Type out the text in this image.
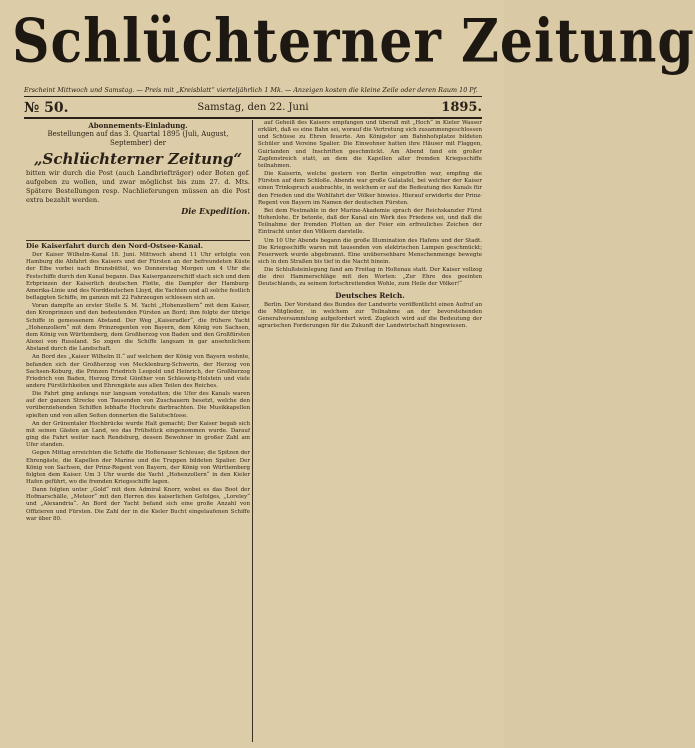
Schlüchterner Zeitung
Erscheint Mittwoch und Samstag. — Preis mit „Kreisblatt“ vierteljährlich 1 Mk. — Anzeigen kosten die kleine Zeile oder deren Raum 10 Pf.
№ 50.	Samstag, den 22. Juni	1895.
Abonnements-Einladung.
Bestellungen auf das 3. Quartal 1895 (Juli, August, September) der
„Schlüchterner Zeitung“
bitten wir durch die Post (auch Landbriefträger) oder Boten gef. aufgeben zu wollen, und zwar möglichst bis zum 27. d. Mts. Spätere Bestellungen resp. Nachlieferungen müssen an die Post extra bezahlt werden.
Die Expedition.
Die Kaiserfahrt durch den Nord-Ostsee-Kanal.

Der Kaiser Wilhelm-Kanal 18. Juni. Mittwoch abend 11 Uhr erfolgte von Hamburg die Abfahrt des Kaisers und der Fürsten an der befreundeten Küste der Elbe vorbei nach Brunsbüttel, wo Donnerstag Morgen um 4 Uhr die Festschiffe durch den Kanal begann. Das Kaiserpanzerschiff stach sich und dem Erbprinzen der Kaiserlich deutschen Flotte, die Dampfer der Hamburg-Amerika-Linie und des Norddeutschen Lloyd, die Yachten und all solche festlich beflaggten Schiffe, im ganzen mit 22 Fahrzeugen schlossen sich an.

Voran dampfte an erster Stelle S. M. Yacht „Hohenzollern“ mit dem Kaiser, den Kronprinzen und den bedeutenden Fürsten an Bord; ihm folgte der übrige Schiffe in gemessenem Abstand. Der Weg „Kaiseradler“, die frühere Yacht „Hohenzollern“ mit dem Prinzregenten von Bayern, dem König von Sachsen, dem König von Württemberg, dem Großherzog von Baden und den Großfürsten Alexei von Russland. So zogen die Schiffe langsam in gar ansehnlichem Abstand durch die Landschaft.

An Bord des „Kaiser Wilhelm II.“ auf welchem der König von Bayern wohnte, befanden sich der Großherzog von Mecklenburg-Schwerin, der Herzog von Sachsen-Koburg, die Prinzen Friedrich Leopold und Heinrich, der Großherzog Friedrich von Baden, Herzog Ernst Günther von Schleswig-Holstein und viele andere Fürstlichkeiten und Ehrengäste aus allen Teilen des Reiches.

Die Fahrt ging anfangs nur langsam vonstatten; die Ufer des Kanals waren auf der ganzen Strecke von Tausenden von Zuschauern besetzt, welche den vorüberziehenden Schiffen lebhafte Hochrufe darbrachten. Die Musikkapellen spielten und von allen Seiten donnerten die Salutschüsse.

An der Grünentaler Hochbrücke wurde Halt gemacht; Der Kaiser begab sich mit seinen Gästen an Land, wo das Frühstück eingenommen wurde. Darauf ging die Fahrt weiter nach Rendsburg, dessen Bewohner in großer Zahl am Ufer standen.

Gegen Mittag erreichten die Schiffe die Holtenauer Schleuse; die Spitzen der Ehrengäste, die Kapellen der Marine und die Truppen bildeten Spalier. Der König von Sachsen, der Prinz-Regent von Bayern, der König von Württemberg folgten dem Kaiser. Um 3 Uhr wurde die Yacht „Hohenzollern“ in den Kieler Hafen geführt, wo die fremden Kriegsschiffe lagen.

Dann folgten unter „Gold“ mit dem Admiral Knorr, wobei es das Boot der Hofmarschälle, „Meteor“ mit den Herren des kaiserlichen Gefolges, „Loreley“ und „Alexandria“. An Bord der Yacht befand sich eine große Anzahl von Offizieren und Fürsten. Die Zahl der in die Kieler Bucht eingelaufenen Schiffe war über 80.

auf Geheiß des Kaisers empfangen und überall mit „Hoch“ in Kieler Wasser erklärt, daß es eine Bahn sei, worauf die Vertretung sich zusammengeschlossen und Schüsse zu Ehren feuerte. Am Königstor am Bahnhofsplatze bildeten Schüler und Vereine Spalier. Die Einwohner hatten ihre Häuser mit Flaggen, Guirlanden und Inschriften geschmückt. Am Abend fand ein großer Zapfenstreich statt, an dem die Kapellen aller fremden Kriegsschiffe teilnahmen.

Die Kaiserin, welche gestern von Berlin eingetroffen war, empfing die Fürsten auf dem Schloße. Abends war große Galatafel, bei welcher der Kaiser einen Trinkspruch ausbrachte, in welchem er auf die Bedeutung des Kanals für den Frieden und die Wohlfahrt der Völker hinwies. Hierauf erwiderte der Prinz-Regent von Bayern im Namen der deutschen Fürsten.

Bei dem Festmahle in der Marine-Akademie sprach der Reichskanzler Fürst Hohenlohe. Er betonte, daß der Kanal ein Werk des Friedens sei, und daß die Teilnahme der fremden Flotten an der Feier ein erfreuliches Zeichen der Eintracht unter den Völkern darstelle.

Um 10 Uhr Abends begann die große Illumination des Hafens und der Stadt. Die Kriegsschiffe waren mit tausenden von elektrischen Lampen geschmückt; Feuerwerk wurde abgebrannt. Eine unübersehbare Menschenmenge bewegte sich in den Straßen bis tief in die Nacht hinein.

Die Schlußsteinlegung fand am Freitag in Holtenau statt. Der Kaiser vollzog die drei Hammerschläge mit den Worten: „Zur Ehre des geeinten Deutschlands, zu seinem fortschreitenden Wohle, zum Heile der Völker!“

Deutsches Reich.

Berlin. Der Vorstand des Bundes der Landwirte veröffentlicht einen Aufruf an die Mitglieder, in welchem zur Teilnahme an der bevorstehenden Generalversammlung aufgefordert wird. Zugleich wird auf die Bedeutung der agrarischen Forderungen für die Zukunft der Landwirtschaft hingewiesen.
